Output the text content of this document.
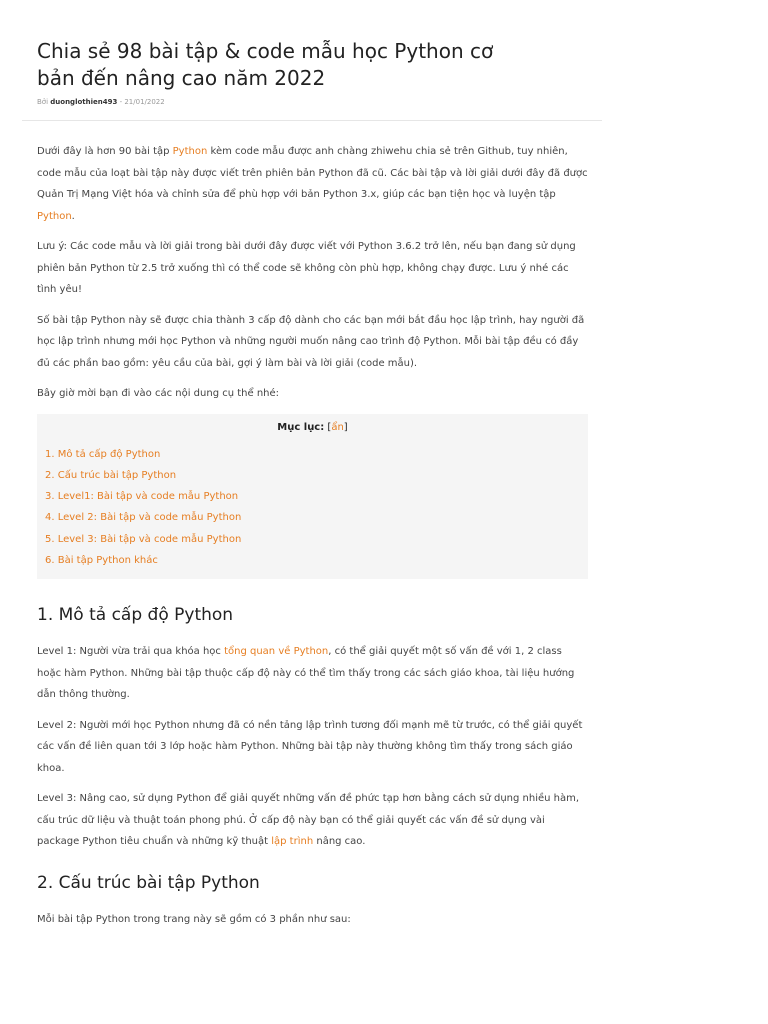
Chia sẻ 98 bài tập & code mẫu học Python cơ bản đến nâng cao năm 2022
Bởi duonglothien493 - 21/01/2022

Dưới đây là hơn 90 bài tập Python kèm code mẫu được anh chàng zhiwehu chia sẻ trên Github, tuy nhiên, code mẫu của loạt bài tập này được viết trên phiên bản Python đã cũ. Các bài tập và lời giải dưới đây đã được Quản Trị Mạng Việt hóa và chỉnh sửa để phù hợp với bản Python 3.x, giúp các bạn tiện học và luyện tập Python.

Lưu ý: Các code mẫu và lời giải trong bài dưới đây được viết với Python 3.6.2 trở lên, nếu bạn đang sử dụng phiên bản Python từ 2.5 trở xuống thì có thể code sẽ không còn phù hợp, không chạy được. Lưu ý nhé các tình yêu!

Số bài tập Python này sẽ được chia thành 3 cấp độ dành cho các bạn mới bắt đầu học lập trình, hay người đã học lập trình nhưng mới học Python và những người muốn nâng cao trình độ Python. Mỗi bài tập đều có đầy đủ các phần bao gồm: yêu cầu của bài, gợi ý làm bài và lời giải (code mẫu).

Bây giờ mời bạn đi vào các nội dung cụ thể nhé:

Mục lục: [ẩn]
1. Mô tả cấp độ Python
2. Cấu trúc bài tập Python
3. Level1: Bài tập và code mẫu Python
4. Level 2: Bài tập và code mẫu Python
5. Level 3: Bài tập và code mẫu Python
6. Bài tập Python khác
1. Mô tả cấp độ Python

Level 1: Người vừa trải qua khóa học tổng quan về Python, có thể giải quyết một số vấn đề với 1, 2 class hoặc hàm Python. Những bài tập thuộc cấp độ này có thể tìm thấy trong các sách giáo khoa, tài liệu hướng dẫn thông thường.

Level 2: Người mới học Python nhưng đã có nền tảng lập trình tương đối mạnh mẽ từ trước, có thể giải quyết các vấn đề liên quan tới 3 lớp hoặc hàm Python. Những bài tập này thường không tìm thấy trong sách giáo khoa.

Level 3: Nâng cao, sử dụng Python để giải quyết những vấn đề phức tạp hơn bằng cách sử dụng nhiều hàm, cấu trúc dữ liệu và thuật toán phong phú. Ở cấp độ này bạn có thể giải quyết các vấn đề sử dụng vài package Python tiêu chuẩn và những kỹ thuật lập trình nâng cao.

2. Cấu trúc bài tập Python

Mỗi bài tập Python trong trang này sẽ gồm có 3 phần như sau:
